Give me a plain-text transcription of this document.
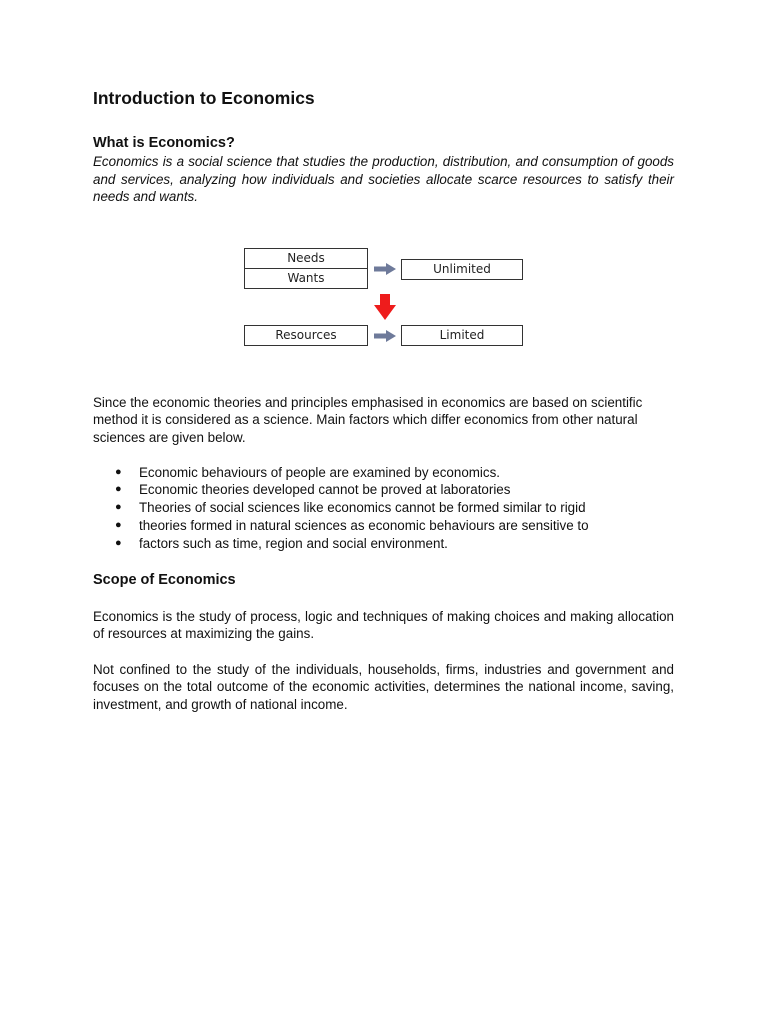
Introduction to Economics
What is Economics?

Economics is a social science that studies the production, distribution, and consumption of goods and services, analyzing how individuals and societies allocate scarce resources to satisfy their needs and wants.

Needs
Wants
Unlimited
Resources	Limited

Since the economic theories and principles emphasised in economics are based on scientific method it is considered as a science. Main factors which differ economics from other natural sciences are given below.

● Economic behaviours of people are examined by economics.
● Economic theories developed cannot be proved at laboratories
● Theories of social sciences like economics cannot be formed similar to rigid
● theories formed in natural sciences as economic behaviours are sensitive to
● factors such as time, region and social environment.
Scope of Economics

Economics is the study of process, logic and techniques of making choices and making allocation of resources at maximizing the gains.

Not confined to the study of the individuals, households, firms, industries and government and focuses on the total outcome of the economic activities, determines the national income, saving, investment, and growth of national income.
